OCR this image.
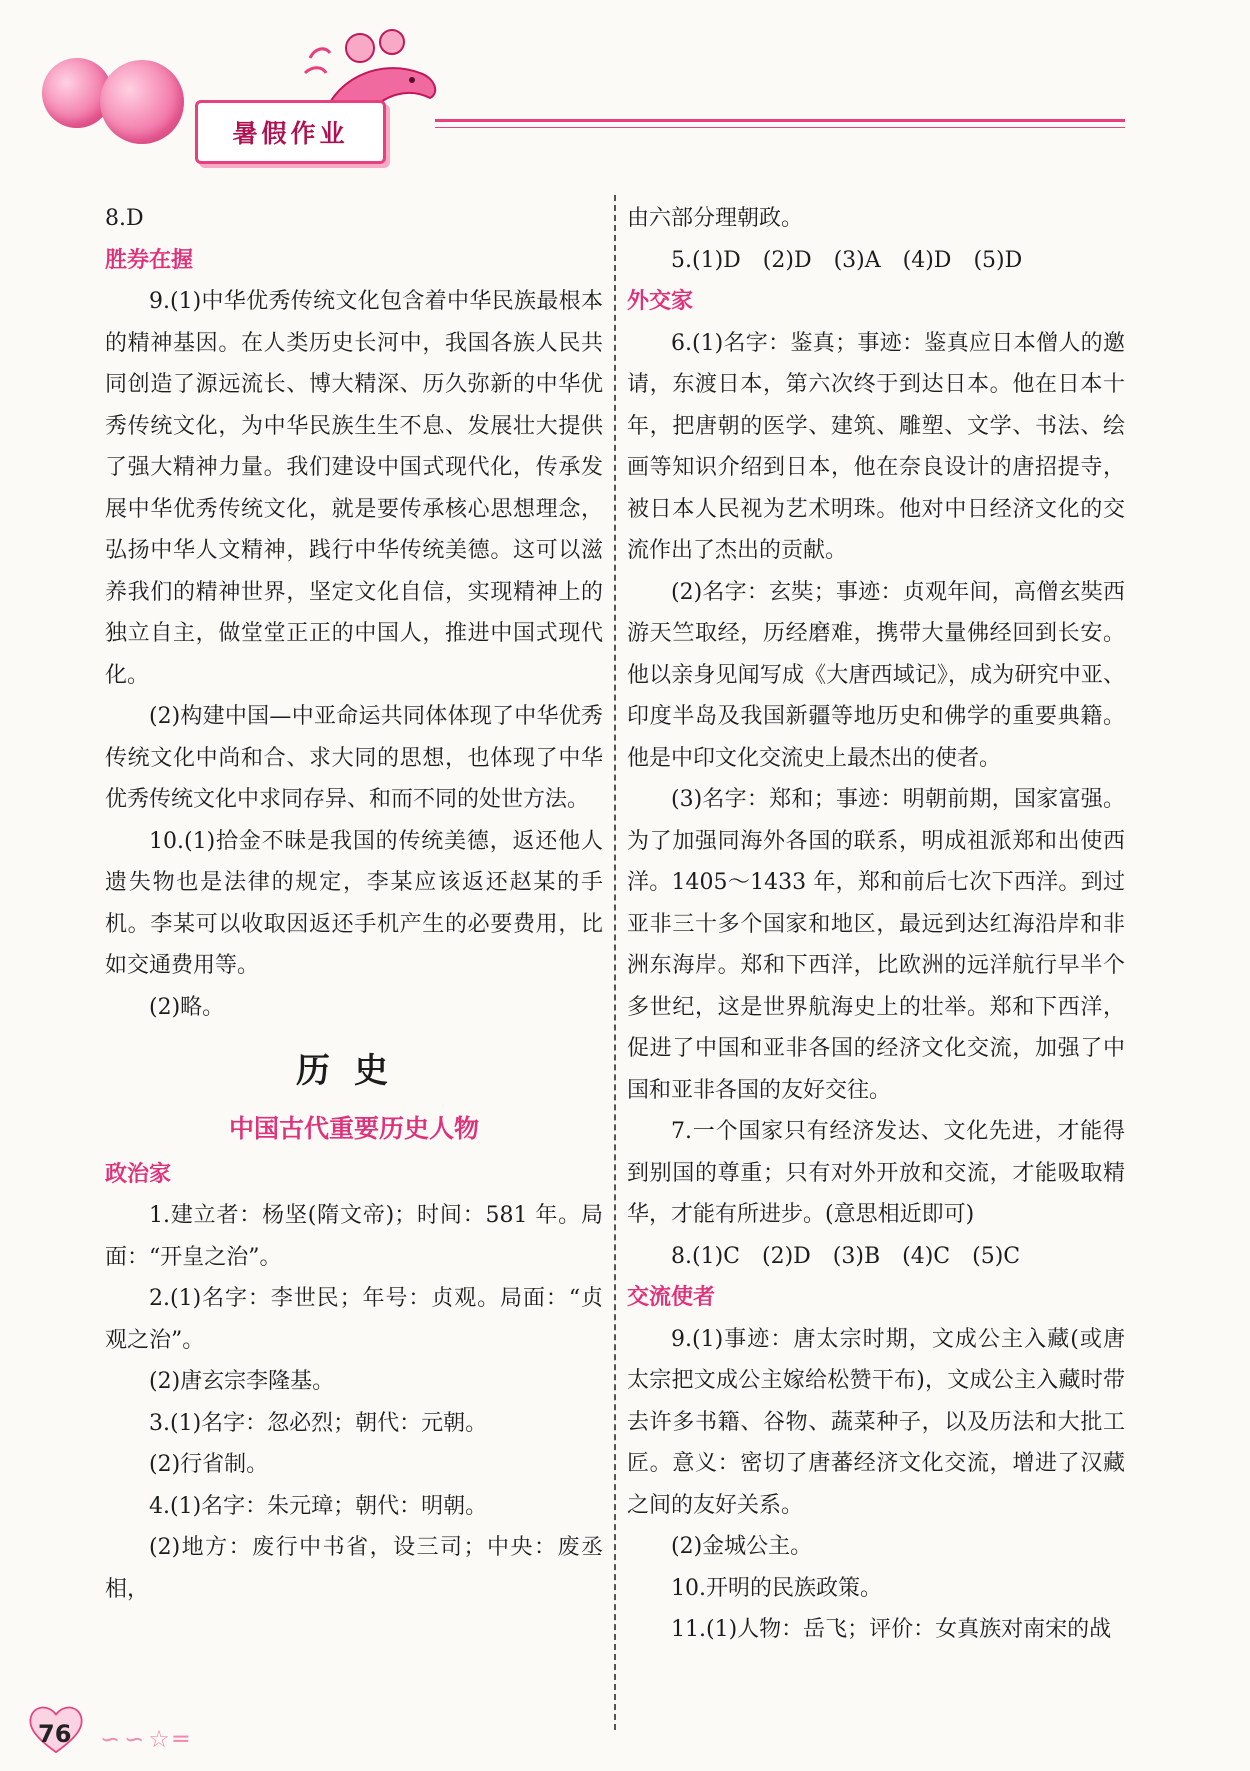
暑假作业

8.D

胜券在握

9.(1)中华优秀传统文化包含着中华民族最根本的精神基因。在人类历史长河中，我国各族人民共同创造了源远流长、博大精深、历久弥新的中华优秀传统文化，为中华民族生生不息、发展壮大提供了强大精神力量。我们建设中国式现代化，传承发展中华优秀传统文化，就是要传承核心思想理念，弘扬中华人文精神，践行中华传统美德。这可以滋养我们的精神世界，坚定文化自信，实现精神上的独立自主，做堂堂正正的中国人，推进中国式现代化。

(2)构建中国—中亚命运共同体体现了中华优秀传统文化中尚和合、求大同的思想，也体现了中华优秀传统文化中求同存异、和而不同的处世方法。

10.(1)拾金不昧是我国的传统美德，返还他人遗失物也是法律的规定，李某应该返还赵某的手机。李某可以收取因返还手机产生的必要费用，比如交通费用等。

(2)略。

历史
中国古代重要历史人物

政治家

1.建立者：杨坚(隋文帝)；时间：581 年。局面：“开皇之治”。

2.(1)名字：李世民；年号：贞观。局面：“贞观之治”。

(2)唐玄宗李隆基。

3.(1)名字：忽必烈；朝代：元朝。

(2)行省制。

4.(1)名字：朱元璋；朝代：明朝。

(2)地方：废行中书省，设三司；中央：废丞相，

由六部分理朝政。

5.(1)D　(2)D　(3)A　(4)D　(5)D

外交家

6.(1)名字：鉴真；事迹：鉴真应日本僧人的邀请，东渡日本，第六次终于到达日本。他在日本十年，把唐朝的医学、建筑、雕塑、文学、书法、绘画等知识介绍到日本，他在奈良设计的唐招提寺，被日本人民视为艺术明珠。他对中日经济文化的交流作出了杰出的贡献。

(2)名字：玄奘；事迹：贞观年间，高僧玄奘西游天竺取经，历经磨难，携带大量佛经回到长安。他以亲身见闻写成《大唐西域记》，成为研究中亚、印度半岛及我国新疆等地历史和佛学的重要典籍。他是中印文化交流史上最杰出的使者。

(3)名字：郑和；事迹：明朝前期，国家富强。为了加强同海外各国的联系，明成祖派郑和出使西洋。1405～1433 年，郑和前后七次下西洋。到过亚非三十多个国家和地区，最远到达红海沿岸和非洲东海岸。郑和下西洋，比欧洲的远洋航行早半个多世纪，这是世界航海史上的壮举。郑和下西洋，促进了中国和亚非各国的经济文化交流，加强了中国和亚非各国的友好交往。

7.一个国家只有经济发达、文化先进，才能得到别国的尊重；只有对外开放和交流，才能吸取精华，才能有所进步。(意思相近即可)

8.(1)C　(2)D　(3)B　(4)C　(5)C

交流使者

9.(1)事迹：唐太宗时期，文成公主入藏(或唐太宗把文成公主嫁给松赞干布)，文成公主入藏时带去许多书籍、谷物、蔬菜种子，以及历法和大批工匠。意义：密切了唐蕃经济文化交流，增进了汉藏之间的友好关系。

(2)金城公主。

10.开明的民族政策。

11.(1)人物：岳飞；评价：女真族对南宋的战

76 ∽∽☆═
